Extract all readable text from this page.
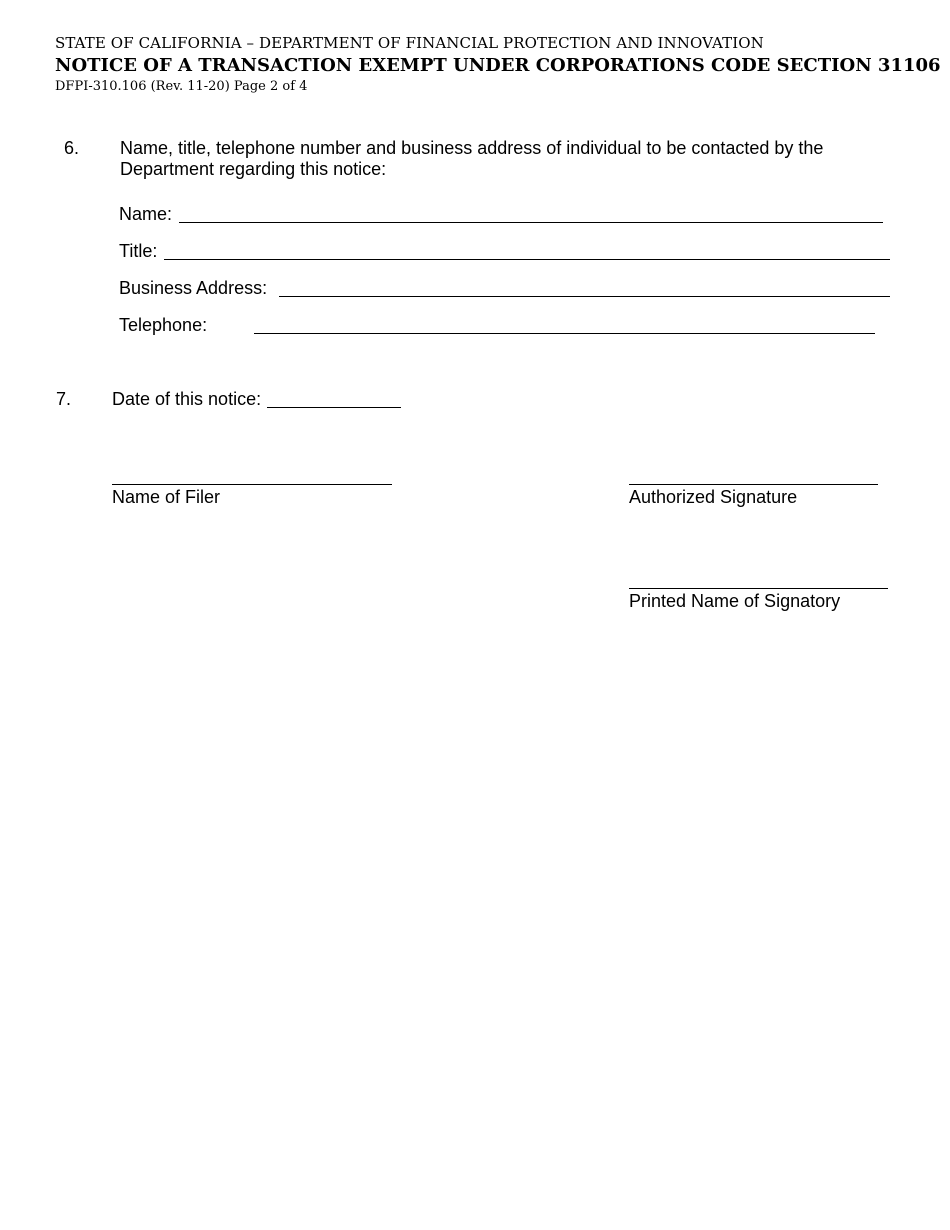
STATE OF CALIFORNIA – DEPARTMENT OF FINANCIAL PROTECTION AND INNOVATION
NOTICE OF A TRANSACTION EXEMPT UNDER CORPORATIONS CODE SECTION 31106
DFPI-310.106 (Rev. 11-20) Page 2 of 4
6. Name, title, telephone number and business address of individual to be contacted by the
Department regarding this notice:
Name:
Title:
Business Address:
Telephone:
7. Date of this notice:
Name of Filer	Authorized Signature
Printed Name of Signatory
